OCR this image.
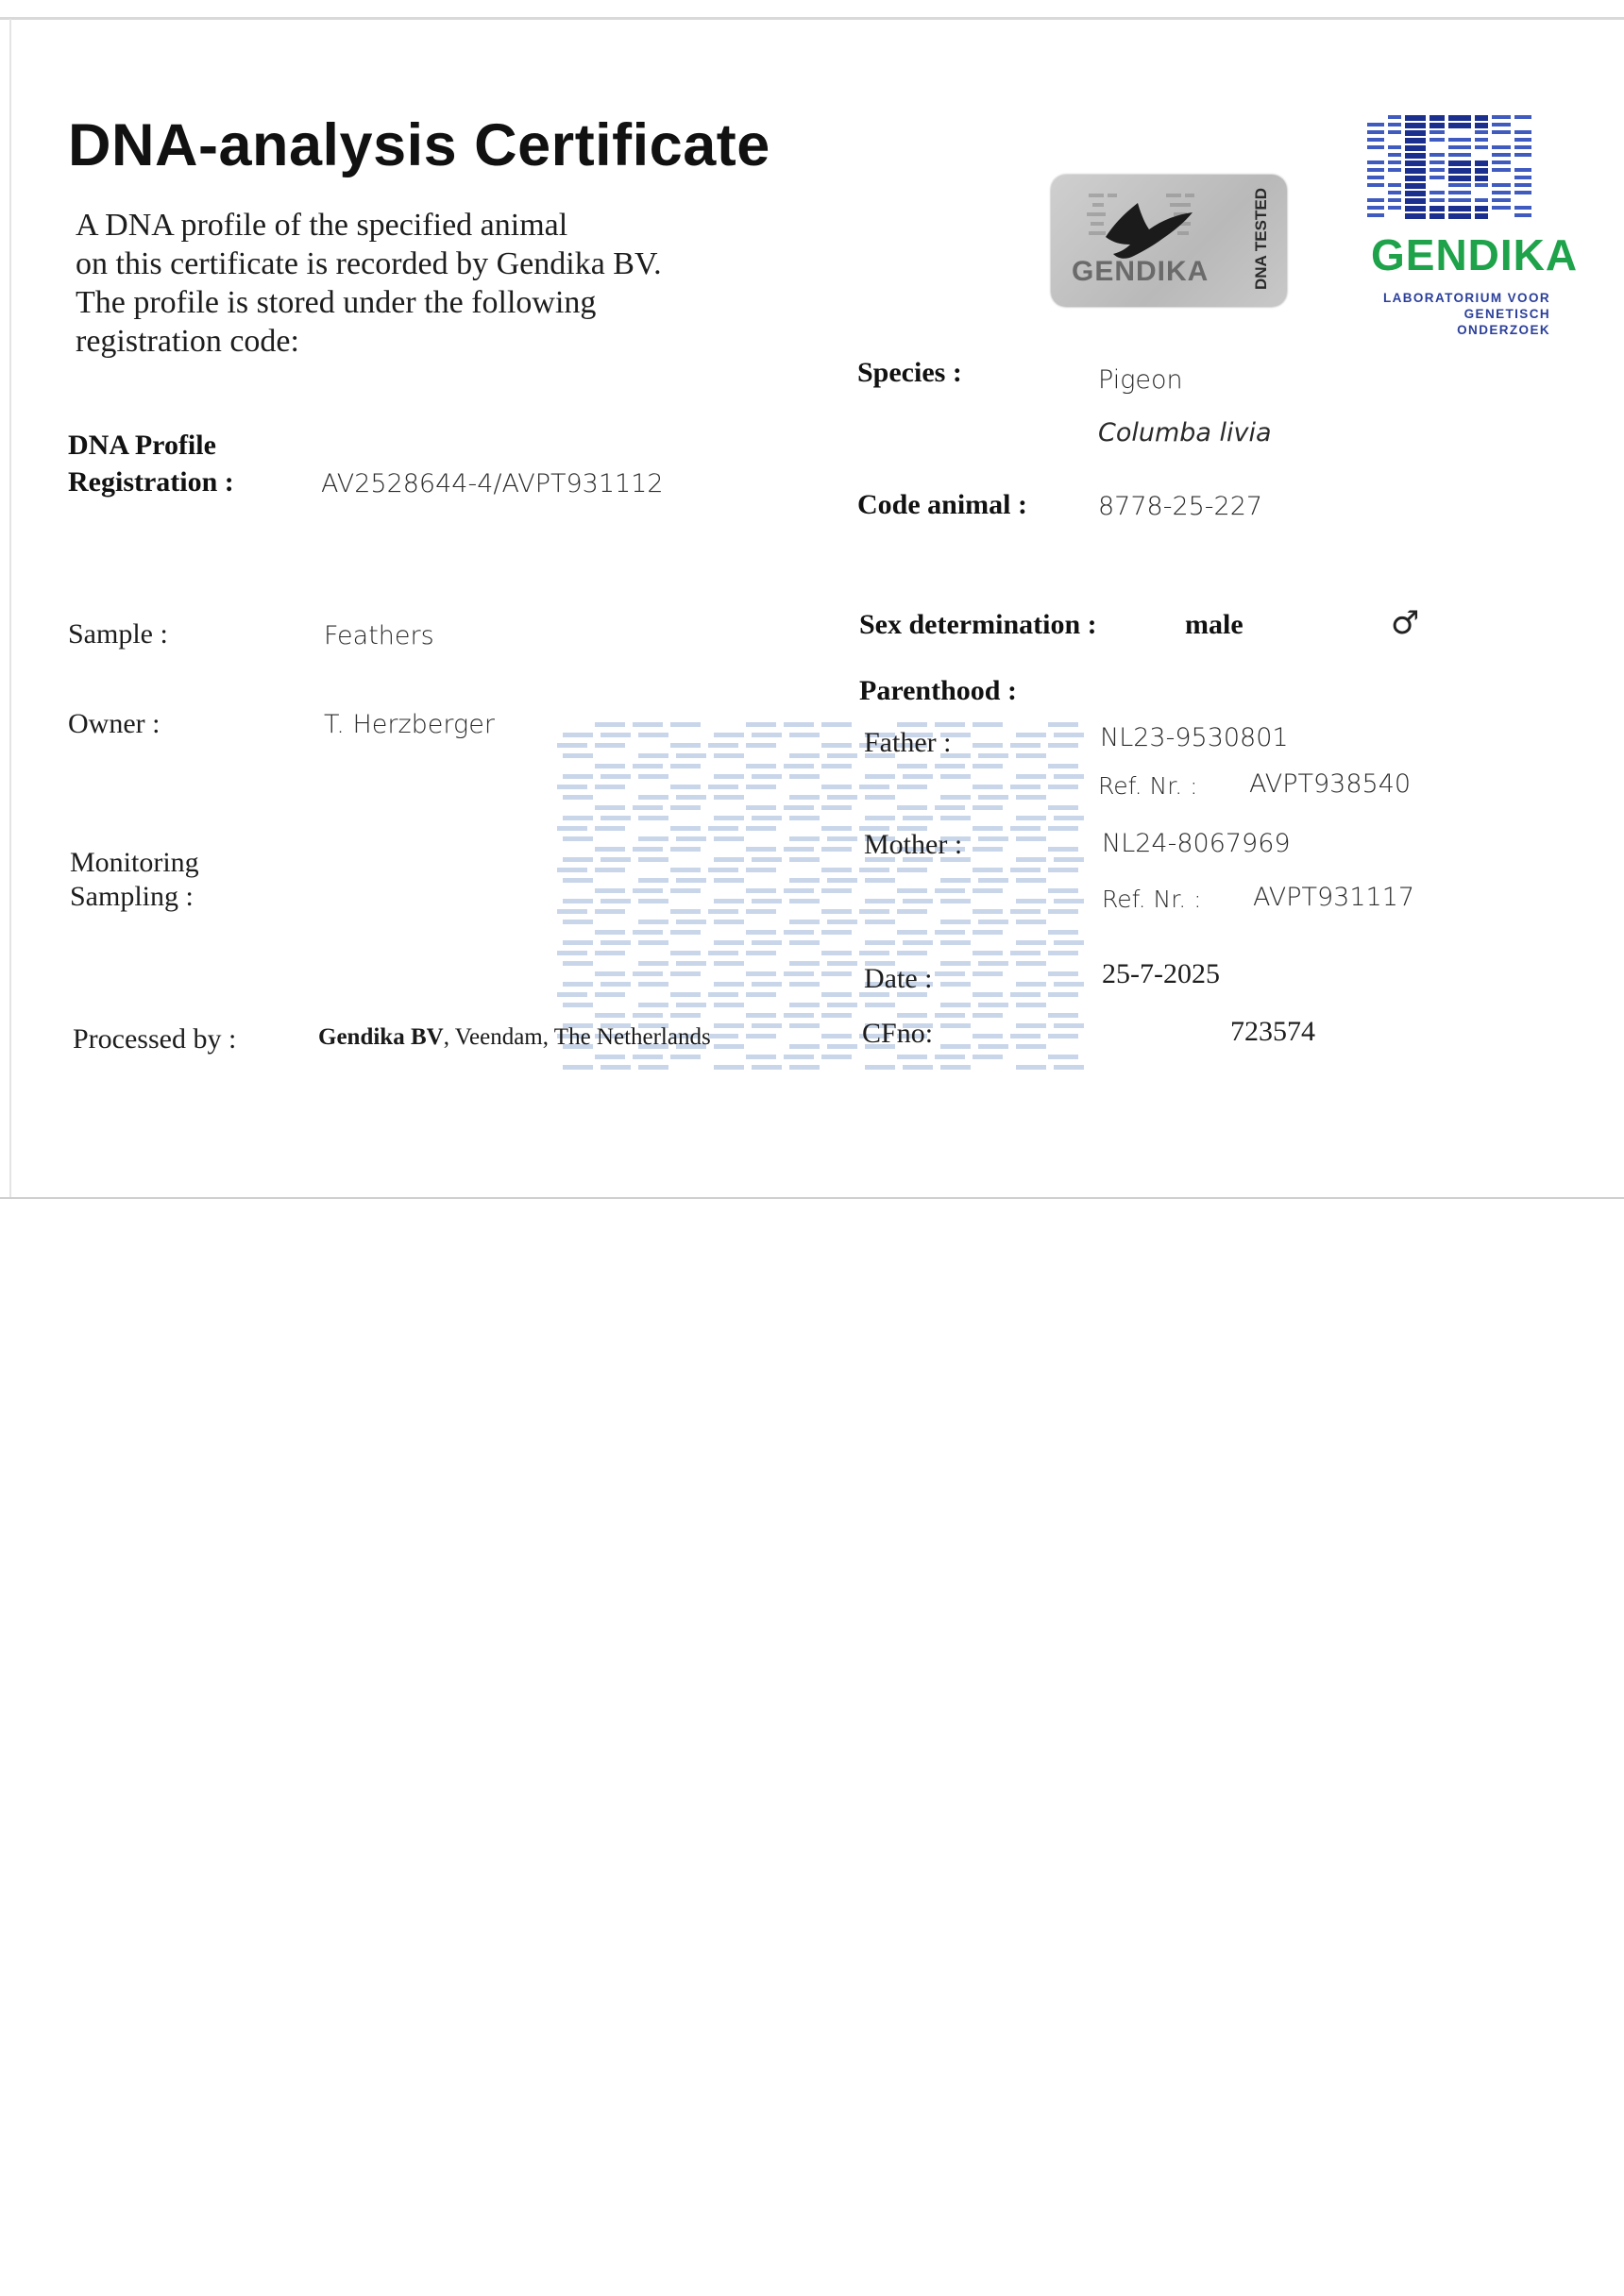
DNA-analysis Certificate
A DNA profile of the specified animal
on this certificate is recorded by Gendika BV.
The profile is stored under the following
registration code:
GENDIKA	DNA TESTED GENDIKA
LABORATORIUM VOOR
GENETISCH ONDERZOEK
DNA Profile
Registration :	AV2528644-4/AVPT931112
Sample :	Feathers
Owner :	T. Herzberger
Monitoring
Sampling :
Processed by :	Gendika BV, Veendam, The Netherlands
Species :	Pigeon
Columba livia
Code animal :	8778-25-227
Sex determination :	male	♂
Parenthood :
Father :	NL23-9530801
Ref. Nr. : AVPT938540
Mother :	NL24-8067969
Ref. Nr. : AVPT931117
Date :	25-7-2025
CFno:	723574
